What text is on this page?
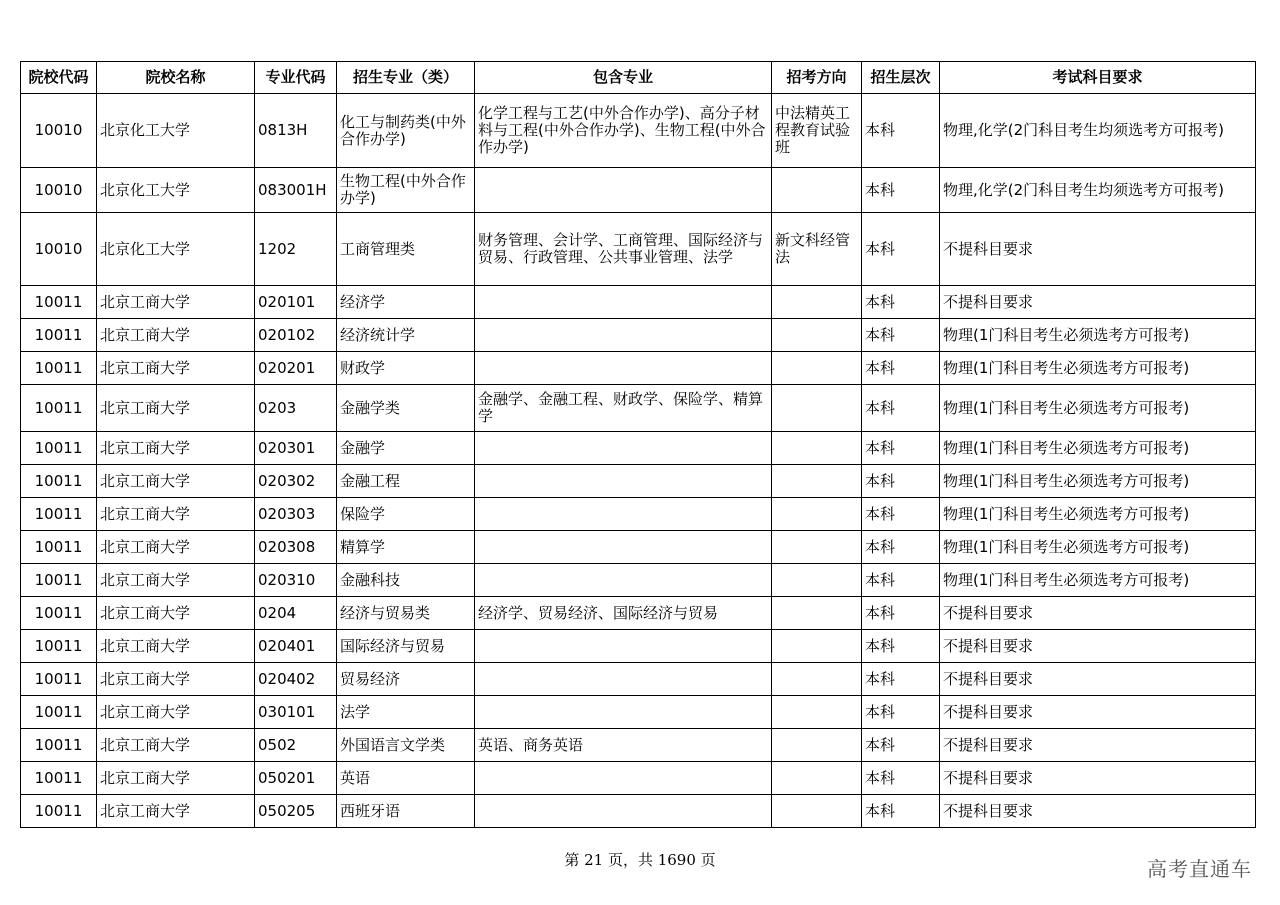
院校代码	院校名称	专业代码	招生专业（类）	包含专业	招考方向	招生层次	考试科目要求
10010	北京化工大学	0813H	化工与制药类(中外合作办学)	化学工程与工艺(中外合作办学)、高分子材料与工程(中外合作办学)、生物工程(中外合作办学)	中法精英工程教育试验班	本科	物理,化学(2门科目考生均须选考方可报考)
10010	北京化工大学	083001H	生物工程(中外合作办学)			本科	物理,化学(2门科目考生均须选考方可报考)
10010	北京化工大学	1202	工商管理类	财务管理、会计学、工商管理、国际经济与贸易、行政管理、公共事业管理、法学	新文科经管法	本科	不提科目要求
10011	北京工商大学	020101	经济学			本科	不提科目要求
10011	北京工商大学	020102	经济统计学			本科	物理(1门科目考生必须选考方可报考)
10011	北京工商大学	020201	财政学			本科	物理(1门科目考生必须选考方可报考)
10011	北京工商大学	0203	金融学类	金融学、金融工程、财政学、保险学、精算学		本科	物理(1门科目考生必须选考方可报考)
10011	北京工商大学	020301	金融学			本科	物理(1门科目考生必须选考方可报考)
10011	北京工商大学	020302	金融工程			本科	物理(1门科目考生必须选考方可报考)
10011	北京工商大学	020303	保险学			本科	物理(1门科目考生必须选考方可报考)
10011	北京工商大学	020308	精算学			本科	物理(1门科目考生必须选考方可报考)
10011	北京工商大学	020310	金融科技			本科	物理(1门科目考生必须选考方可报考)
10011	北京工商大学	0204	经济与贸易类	经济学、贸易经济、国际经济与贸易		本科	不提科目要求
10011	北京工商大学	020401	国际经济与贸易			本科	不提科目要求
10011	北京工商大学	020402	贸易经济			本科	不提科目要求
10011	北京工商大学	030101	法学			本科	不提科目要求
10011	北京工商大学	0502	外国语言文学类	英语、商务英语		本科	不提科目要求
10011	北京工商大学	050201	英语			本科	不提科目要求
10011	北京工商大学	050205	西班牙语			本科	不提科目要求
第 21 页，共 1690 页	高考直通车
